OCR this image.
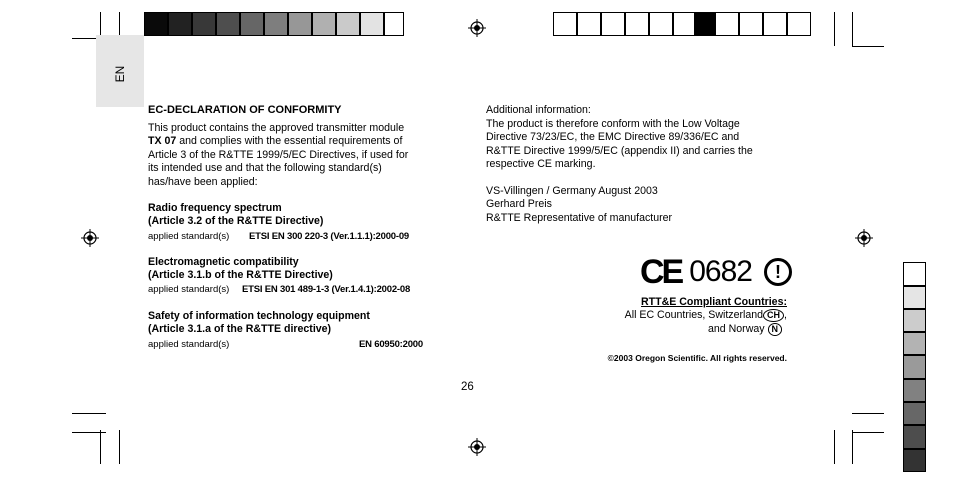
EN
EC-DECLARATION OF CONFORMITY
This product contains the approved transmitter module
TX 07 and complies with the essential requirements of
Article 3 of the R&TTE 1999/5/EC Directives, if used for
its intended use and that the following standard(s)
has/have been applied:
Radio frequency spectrum
(Article 3.2 of the R&TTE Directive)
applied standard(s) ETSI EN 300 220-3 (Ver.1.1.1):2000-09
Electromagnetic compatibility
(Article 3.1.b of the R&TTE Directive)
applied standard(s) ETSI EN 301 489-1-3 (Ver.1.4.1):2002-08
Safety of information technology equipment
(Article 3.1.a of the R&TTE directive)
applied standard(s)	EN 60950:2000
Additional information:
The product is therefore conform with the Low Voltage
Directive 73/23/EC, the EMC Directive 89/336/EC and
R&TTE Directive 1999/5/EC (appendix II) and carries the
respective CE marking.
VS-Villingen / Germany August 2003
Gerhard Preis
R&TTE Representative of manufacturer
CE 0682	!
RTT&E Compliant Countries:
All EC Countries, Switzerland CH ,
and Norway N
©2003 Oregon Scientific. All rights reserved.
26
